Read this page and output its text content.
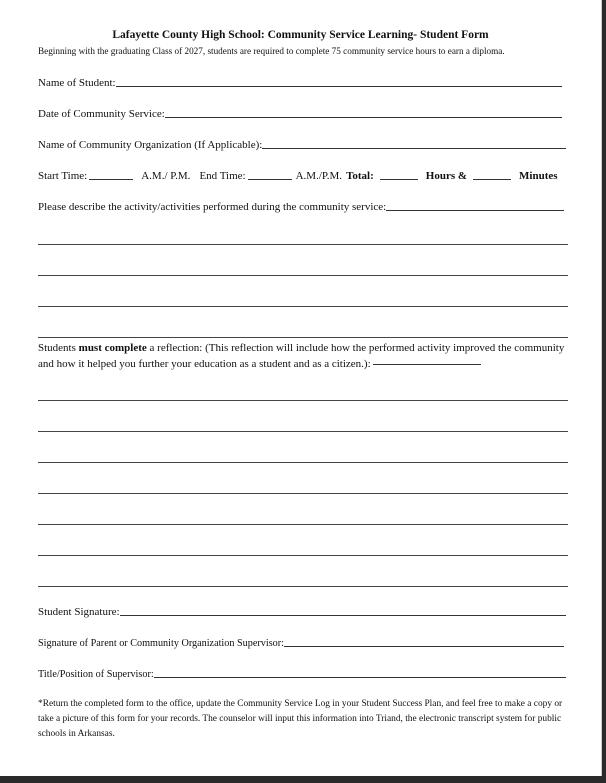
Lafayette County High School: Community Service Learning- Student Form
Beginning with the graduating Class of 2027, students are required to complete 75 community service hours to earn a diploma.
Name of Student:
Date of Community Service:
Name of Community Organization (If Applicable):
Start Time:	A.M./ P.M. End Time:	A.M./P.M. Total:	Hours &	Minutes
Please describe the activity/activities performed during the community service:
Students must complete a reflection: (This reflection will include how the performed activity improved the community and how it helped you further your education as a student and as a citizen.):
Student Signature:
Signature of Parent or Community Organization Supervisor:
Title/Position of Supervisor:
*Return the completed form to the office, update the Community Service Log in your Student Success Plan, and feel free to make a copy or take a picture of this form for your records. The counselor will input this information into Triand, the electronic transcript system for public schools in Arkansas.
